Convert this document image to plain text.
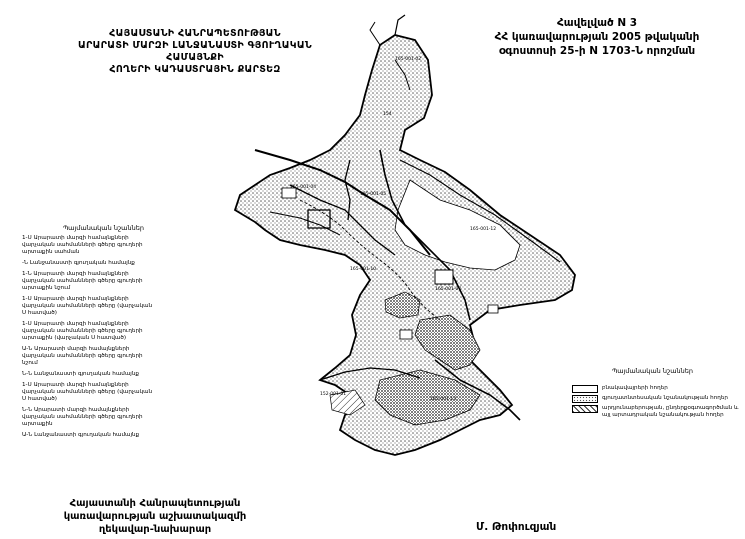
154
165-001-02
165-001-04
165-001-05
165-001-07
165-001-10
165-001-12
165-001-13
152-001-01
ՀԱՅԱՍՏԱՆԻ ՀԱՆՐԱՊԵՏՈՒԹՅԱՆ
ԱՐԱՐԱՏԻ ՄԱՐԶԻ ԼԱՆՋԱՆԱՍՏԻ ԳՅՈՒՂԱԿԱՆ ՀԱՄԱՅՆՔԻ
ՀՈՂԵՐԻ ԿԱԴԱՍՏՐԱՅԻՆ ՔԱՐՏԵԶ
Հավելված N 3
ՀՀ կառավարության 2005 թվականի
օգոստոսի 25-ի N 1703-Ն որոշման
Պայմանական նշաններ
1-Ս Արարատի մարզի համայնքների վարչական սահմանների գծերը գյուղերի արտաքին սահման
-Ն Լանջանաստի գյուղական համայնք
1-Ն Արարատի մարզի համայնքների վարչական սահմանների գծերը գյուղերի արտաքին նշում
1-Ս Արարատի մարզի համայնքների վարչական սահմանների գծերը (վարչական Ս հատված)
1-Ս Արարատի մարզի համայնքների վարչական սահմանների գծերը գյուղերի արտաքին (վարչական Ս հատված)
Ա-Ն Արարատի մարզի համայնքների վարչական սահմանների գծերը գյուղերի նշում
Ն-Ն Լանջանաստի գյուղական համայնք
1-Ս Արարատի մարզի համայնքների վարչական սահմանների գծերը (վարչական Ս հատված)
Ն-Ն Արարատի մարզի համայնքների վարչական սահմանների գծերը գյուղերի արտաքին
Ա-Ն Լանջանաստի գյուղական համայնք
Պայմանական նշաններ
բնակավայրերի հողեր
գյուղատնտեսական նշանակության հողեր
արդյունաբերության, ընդերքօգտագործման և այլ արտադրական նշանակության հողեր
Հայաստանի Հանրապետության
կառավարության աշխատակազմի
ղեկավար-նախարար	Մ. Թոփուզյան
